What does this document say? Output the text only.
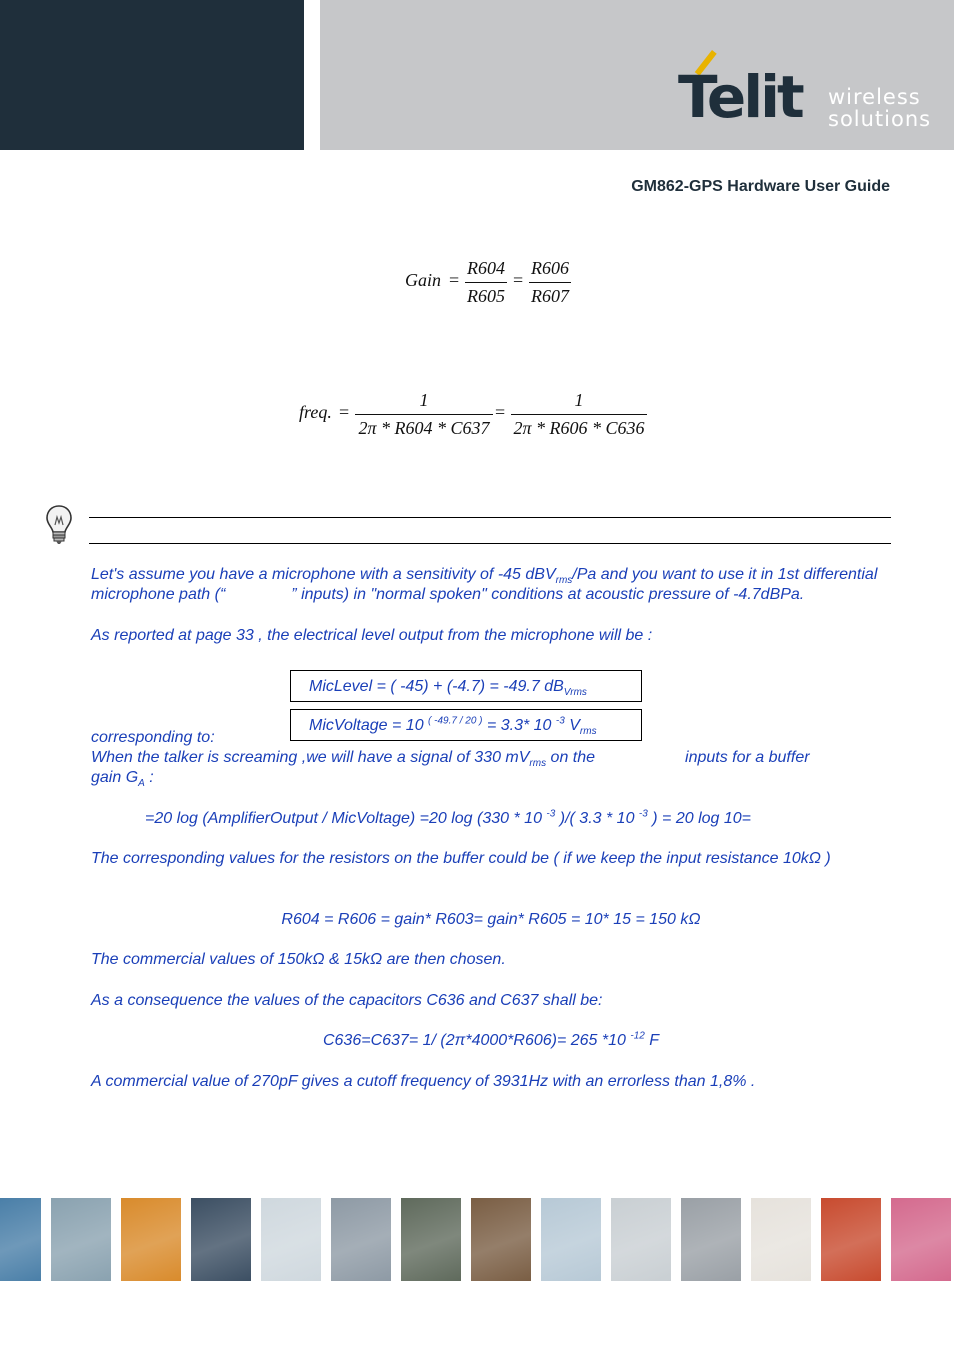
Telit wireless
solutions
GM862-GPS Hardware User Guide
Gain = $\frac{R604}{R605} = \frac{R606}{R607}$
freq. = $\frac{1}{2\pi * R604 * C637} = \frac{1}{2\pi * R606 * C636}$

Let's assume you have a microphone with a sensitivity of -45 dBV$_{rms}$/Pa and you want to use it in 1st differential microphone path (“	” inputs) in "normal spoken" conditions at acoustic pressure of -4.7dBPa.

As reported at page 33 , the electrical level output from the microphone will be :

MicLevel = ( -45) + (-4.7) = -49.7 $dB_{Vrms}$

corresponding to:

MicVoltage = 10 $^{( -49.7 / 20 )}$ = 3.3* 10 $^{-3}$ $V_{rms}$

When the talker is screaming ,we will have a signal of 330 $mV_{rms}$ on the	inputs for a buffer
gain $G_A$ :

=20 log (AmplifierOutput / MicVoltage) =20 log (330 * 10 $^{-3}$ )/( 3.3 * 10 $^{-3}$ ) = 20 log 10=

The corresponding values for the resistors on the buffer could be ( if we keep the input resistance 10kΩ )

R604 = R606 = gain* R603= gain* R605 = 10* 15 = 150 kΩ

The commercial values of 150kΩ & 15kΩ are then chosen.

As a consequence the values of the capacitors C636 and C637 shall be:

C636=C637= 1/ (2π*4000*R606)= 265 *10 $^{-12}$ F

A commercial value of 270pF gives a cutoff frequency of 3931Hz with an errorless than 1,8% .
